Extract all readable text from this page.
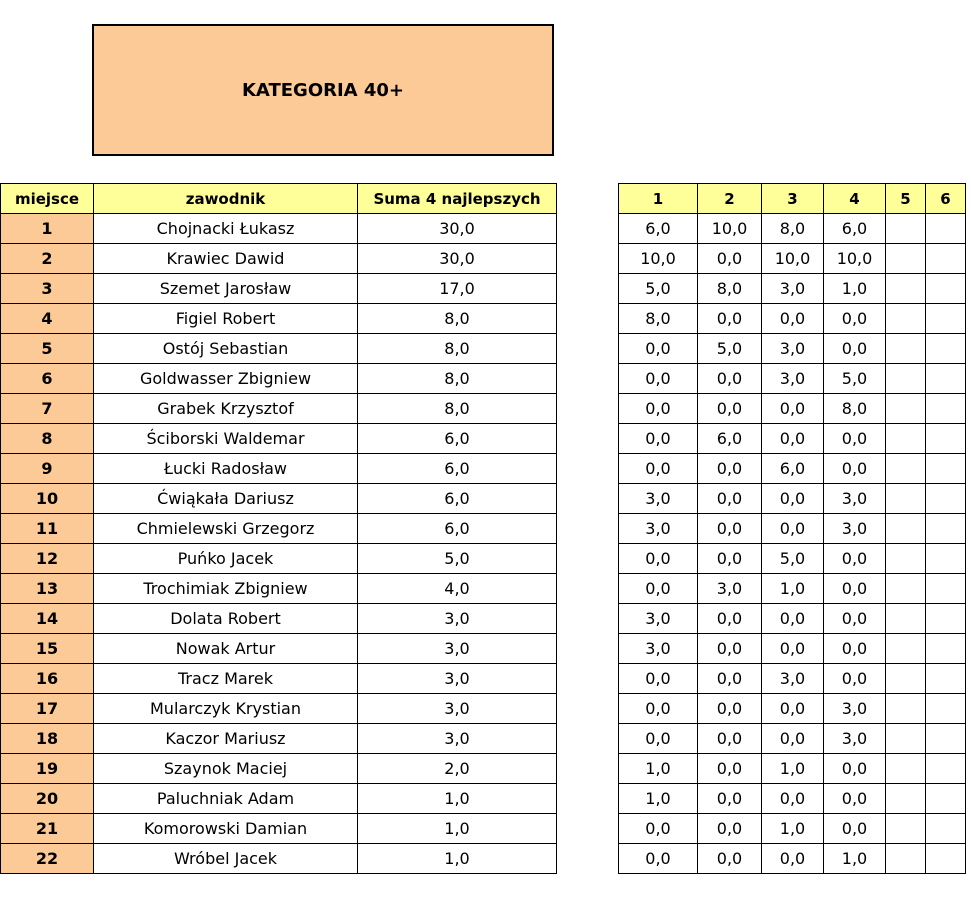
KATEGORIA 40+
miejsce	zawodnik	Suma 4 najlepszych
1	Chojnacki Łukasz	30,0
2	Krawiec Dawid	30,0
3	Szemet Jarosław	17,0
4	Figiel Robert	8,0
5	Ostój Sebastian	8,0
6	Goldwasser Zbigniew	8,0
7	Grabek Krzysztof	8,0
8	Ściborski Waldemar	6,0
9	Łucki Radosław	6,0
10	Ćwiąkała Dariusz	6,0
11	Chmielewski Grzegorz	6,0
12	Puńko Jacek	5,0
13	Trochimiak Zbigniew	4,0
14	Dolata Robert	3,0
15	Nowak Artur	3,0
16	Tracz Marek	3,0
17	Mularczyk Krystian	3,0
18	Kaczor Mariusz	3,0
19	Szaynok Maciej	2,0
20	Paluchniak Adam	1,0
21	Komorowski Damian	1,0
22	Wróbel Jacek	1,0
1	2	3	4	5	6
6,0	10,0	8,0	6,0		
10,0	0,0	10,0	10,0		
5,0	8,0	3,0	1,0		
8,0	0,0	0,0	0,0		
0,0	5,0	3,0	0,0		
0,0	0,0	3,0	5,0		
0,0	0,0	0,0	8,0		
0,0	6,0	0,0	0,0		
0,0	0,0	6,0	0,0		
3,0	0,0	0,0	3,0		
3,0	0,0	0,0	3,0		
0,0	0,0	5,0	0,0		
0,0	3,0	1,0	0,0		
3,0	0,0	0,0	0,0		
3,0	0,0	0,0	0,0		
0,0	0,0	3,0	0,0		
0,0	0,0	0,0	3,0		
0,0	0,0	0,0	3,0		
1,0	0,0	1,0	0,0		
1,0	0,0	0,0	0,0		
0,0	0,0	1,0	0,0		
0,0	0,0	0,0	1,0		
